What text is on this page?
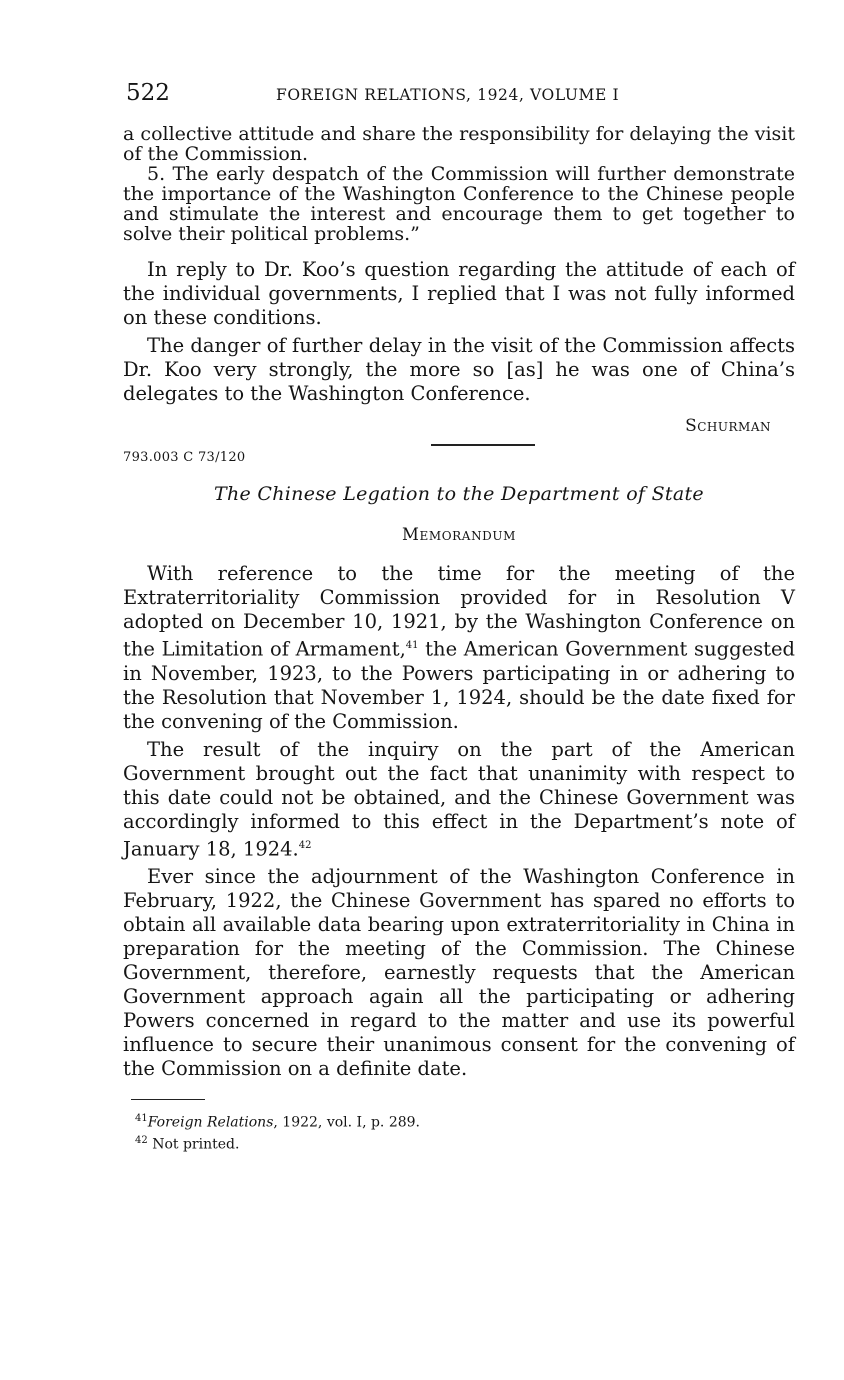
522	FOREIGN RELATIONS, 1924, VOLUME I

a collective attitude and share the responsibility for delaying the visit of the Commission.

5. The early despatch of the Commission will further demonstrate the importance of the Washington Conference to the Chinese people and stimulate the interest and encourage them to get together to solve their political problems.”

In reply to Dr. Koo’s question regarding the attitude of each of the individual governments, I replied that I was not fully informed on these conditions.

The danger of further delay in the visit of the Commission affects Dr. Koo very strongly, the more so [as] he was one of China’s delegates to the Washington Conference.

Schurman
793.003 C 73/120
The Chinese Legation to the Department of State
Memorandum

With reference to the time for the meeting of the Extraterritoriality Commission provided for in Resolution V adopted on December 10, 1921, by the Washington Conference on the Limitation of Armament,$^{41}$ the American Government suggested in November, 1923, to the Powers participating in or adhering to the Resolution that November 1, 1924, should be the date fixed for the convening of the Commission.

The result of the inquiry on the part of the American Government brought out the fact that unanimity with respect to this date could not be obtained, and the Chinese Government was accordingly informed to this effect in the Department’s note of January 18, 1924.42

Ever since the adjournment of the Washington Conference in February, 1922, the Chinese Government has spared no efforts to obtain all available data bearing upon extraterritoriality in China in preparation for the meeting of the Commission. The Chinese Government, therefore, earnestly requests that the American Government approach again all the participating or adhering Powers concerned in regard to the matter and use its powerful influence to secure their unanimous consent for the convening of the Commission on a definite date.

$^{41}$Foreign Relations, 1922, vol. I, p. 289.
$^{42}$ Not printed.
